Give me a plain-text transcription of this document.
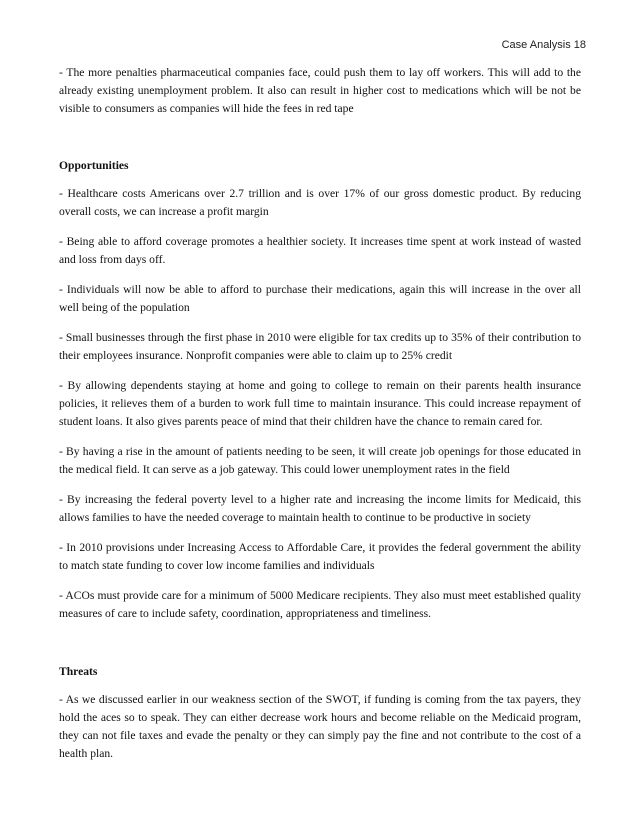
Case Analysis 18

- The more penalties pharmaceutical companies face, could push them to lay off workers. This will add to the already existing unemployment problem. It also can result in higher cost to medications which will be not be visible to consumers as companies will hide the fees in red tape

Opportunities

- Healthcare costs Americans over 2.7 trillion and is over 17% of our gross domestic product. By reducing overall costs, we can increase a profit margin

- Being able to afford coverage promotes a healthier society. It increases time spent at work instead of wasted and loss from days off.

- Individuals will now be able to afford to purchase their medications, again this will increase in the over all well being of the population

- Small businesses through the first phase in 2010 were eligible for tax credits up to 35% of their contribution to their employees insurance. Nonprofit companies were able to claim up to 25% credit

- By allowing dependents staying at home and going to college to remain on their parents health insurance policies, it relieves them of a burden to work full time to maintain insurance. This could increase repayment of student loans. It also gives parents peace of mind that their children have the chance to remain cared for.

- By having a rise in the amount of patients needing to be seen, it will create job openings for those educated in the medical field. It can serve as a job gateway. This could lower unemployment rates in the field

- By increasing the federal poverty level to a higher rate and increasing the income limits for Medicaid, this allows families to have the needed coverage to maintain health to continue to be productive in society

- In 2010 provisions under Increasing Access to Affordable Care, it provides the federal government the ability to match state funding to cover low income families and individuals

- ACOs must provide care for a minimum of 5000 Medicare recipients. They also must meet established quality measures of care to include safety, coordination, appropriateness and timeliness.

Threats

- As we discussed earlier in our weakness section of the SWOT, if funding is coming from the tax payers, they hold the aces so to speak. They can either decrease work hours and become reliable on the Medicaid program, they can not file taxes and evade the penalty or they can simply pay the fine and not contribute to the cost of a health plan.
